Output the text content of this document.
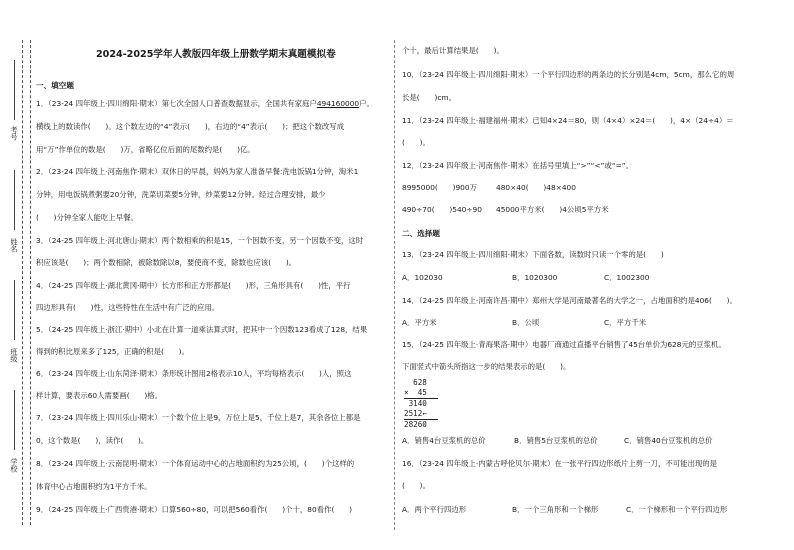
考号
姓名
班级
学校
2024-2025学年人教版四年级上册数学期末真题模拟卷
一、填空题
1．（23-24 四年级上·四川绵阳·期末）第七次全国人口普查数据显示，全国共有家庭户494160000户。
横线上的数读作(　　)。这个数左边的“4”表示(　　)，右边的“4”表示(　　)；把这个数改写成
用“万”作单位的数是(　　)万，省略亿位后面的尾数约是(　　)亿。
2．（23-24 四年级上·河南焦作·期末）双休日的早晨，妈妈为家人准备早餐:洗电饭锅1分钟，淘米1
分钟，用电饭锅煮粥要20分钟，洗菜切菜要5分钟，炒菜要12分钟。经过合理安排，最少
(　　)分钟全家人能吃上早餐。
3．（24-25 四年级上·河北唐山·期末）两个数相乘的积是15，一个因数不变，另一个因数不变，这时
积应该是(　　)；两个数相除，被除数除以8，要使商不变，除数也应该(　　)。
4．（24-25 四年级上·湖北黄冈·期中）长方形和正方形都是(　　)形，三角形具有(　　)性，平行
四边形具有(　　)性，这些特性在生活中有广泛的应用。
5．（24-25 四年级上·浙江·期中）小北在计算一道乘法算式时，把其中一个因数123看成了128，结果
得到的积比原来多了125，正确的积是(　　)。
6．（23-24 四年级上·山东菏泽·期末）条形统计图用2格表示10人，平均每格表示(　　)人，照这
样计算，要表示60人需要画(　　)格。
7．（23-24 四年级上·四川乐山·期末）一个数个位上是9，万位上是5，千位上是7，其余各位上都是
0，这个数是(　　)，读作(　　)。
8．（23-24 四年级上·云南昆明·期末）一个体育运动中心的占地面积约为25公顷，(　　)个这样的
体育中心占地面积约为1平方千米。
9．（24-25 四年级上·广西贵港·期末）口算560÷80，可以把560看作(　　)个十，80看作(　　)
个十，最后计算结果是(　　)。
10．（23-24 四年级上·四川绵阳·期末）一个平行四边形的两条边的长分别是4cm，5cm，那么它的周
长是(　　)cm。
11．（23-24 四年级上·福建福州·期末）已知4×24＝80，则（4×4）×24＝(　　)，4×（24÷4）＝
(　　)。
12．（23-24 四年级上·河南焦作·期末）在括号里填上“>”“<”或“=”。
8995000(　　)900万	480×40(　　)48×400
490÷70(　　)540÷90 45000平方米(　　)4公顷5平方米
二、选择题
13．（23-24 四年级上·四川绵阳·期末）下面各数，读数时只读一个零的是(　　)
A．102030	B．1020300	C．1002300
14．（24-25 四年级上·河南许昌·期中）郑州大学是河南最著名的大学之一，占地面积约是406(　　)。
A．平方米	B．公顷	C．平方千米
15．（24-25 四年级上·青海果洛·期中）电器厂商通过直播平台销售了45台单价为628元的豆浆机。
下面竖式中箭头所指这一步的结果表示的是(　　)。
628
×  45
3140
2512←
28260
A．销售4台豆浆机的总价	B．销售5台豆浆机的总价	C．销售40台豆浆机的总价
16．（23-24 四年级上·内蒙古呼伦贝尔·期末）在一张平行四边形纸片上剪一刀，不可能出现的是
(　　)。
A．两个平行四边形	B．一个三角形和一个梯形	C．一个梯形和一个平行四边形
